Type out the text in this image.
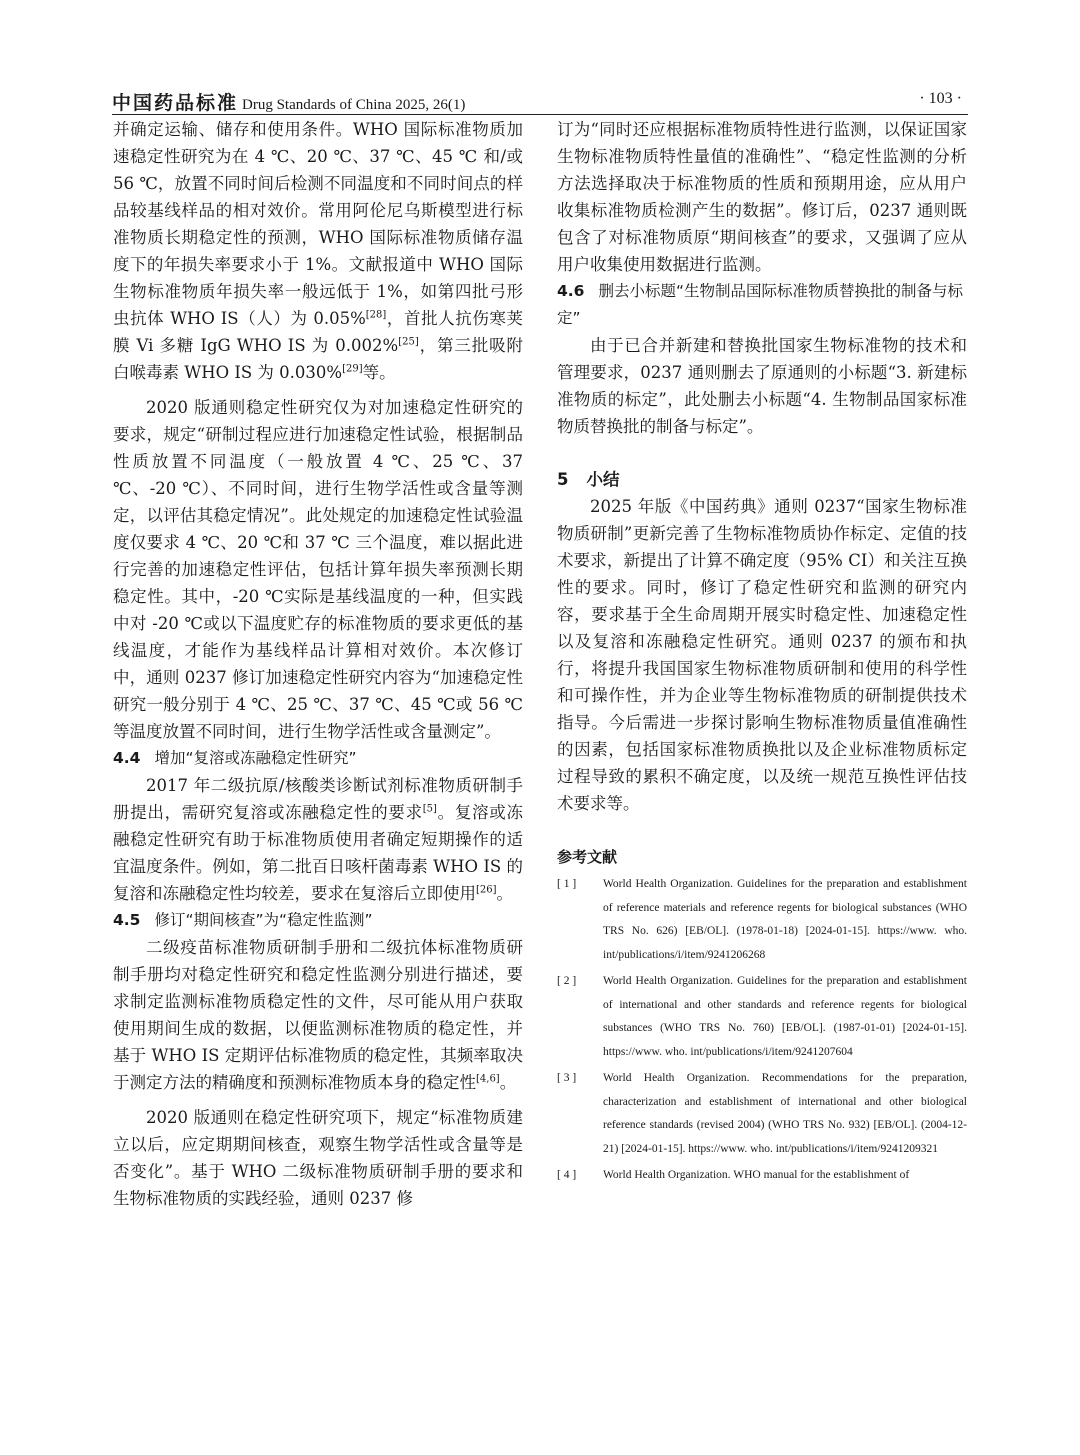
中国药品标准 Drug Standards of China 2025, 26(1)	· 103 ·

并确定运输、储存和使用条件。WHO 国际标准物质加速稳定性研究为在 4 ℃、20 ℃、37 ℃、45 ℃ 和/或 56 ℃，放置不同时间后检测不同温度和不同时间点的样品较基线样品的相对效价。常用阿伦尼乌斯模型进行标准物质长期稳定性的预测，WHO 国际标准物质储存温度下的年损失率要求小于 1%。文献报道中 WHO 国际生物标准物质年损失率一般远低于 1%，如第四批弓形虫抗体 WHO IS（人）为 0.05%[28]，首批人抗伤寒荚膜 Vi 多糖 IgG WHO IS 为 0.002%[25]，第三批吸附白喉毒素 WHO IS 为 0.030%[29]等。

2020 版通则稳定性研究仅为对加速稳定性研究的要求，规定“研制过程应进行加速稳定性试验，根据制品性质放置不同温度（一般放置 4 ℃、25 ℃、37 ℃、-20 ℃）、不同时间，进行生物学活性或含量等测定，以评估其稳定情况”。此处规定的加速稳定性试验温度仅要求 4 ℃、20 ℃和 37 ℃ 三个温度，难以据此进行完善的加速稳定性评估，包括计算年损失率预测长期稳定性。其中，-20 ℃实际是基线温度的一种，但实践中对 -20 ℃或以下温度贮存的标准物质的要求更低的基线温度，才能作为基线样品计算相对效价。本次修订中，通则 0237 修订加速稳定性研究内容为“加速稳定性研究一般分别于 4 ℃、25 ℃、37 ℃、45 ℃或 56 ℃等温度放置不同时间，进行生物学活性或含量测定”。

4.4 增加“复溶或冻融稳定性研究”

2017 年二级抗原/核酸类诊断试剂标准物质研制手册提出，需研究复溶或冻融稳定性的要求[5]。复溶或冻融稳定性研究有助于标准物质使用者确定短期操作的适宜温度条件。例如，第二批百日咳杆菌毒素 WHO IS 的复溶和冻融稳定性均较差，要求在复溶后立即使用[26]。

4.5 修订“期间核查”为“稳定性监测”

二级疫苗标准物质研制手册和二级抗体标准物质研制手册均对稳定性研究和稳定性监测分别进行描述，要求制定监测标准物质稳定性的文件，尽可能从用户获取使用期间生成的数据，以便监测标准物质的稳定性，并基于 WHO IS 定期评估标准物质的稳定性，其频率取决于测定方法的精确度和预测标准物质本身的稳定性[4,6]。

2020 版通则在稳定性研究项下，规定“标准物质建立以后，应定期期间核查，观察生物学活性或含量等是否变化”。基于 WHO 二级标准物质研制手册的要求和生物标准物质的实践经验，通则 0237 修

订为“同时还应根据标准物质特性进行监测，以保证国家生物标准物质特性量值的准确性”、“稳定性监测的分析方法选择取决于标准物质的性质和预期用途，应从用户收集标准物质检测产生的数据”。修订后，0237 通则既包含了对标准物质原“期间核查”的要求，又强调了应从用户收集使用数据进行监测。

4.6 删去小标题“生物制品国际标准物质替换批的制备与标定”

由于已合并新建和替换批国家生物标准物的技术和管理要求，0237 通则删去了原通则的小标题“3. 新建标准物质的标定”，此处删去小标题“4. 生物制品国家标准物质替换批的制备与标定”。

5 小结

2025 年版《中国药典》通则 0237“国家生物标准物质研制”更新完善了生物标准物质协作标定、定值的技术要求，新提出了计算不确定度（95% CI）和关注互换性的要求。同时，修订了稳定性研究和监测的研究内容，要求基于全生命周期开展实时稳定性、加速稳定性以及复溶和冻融稳定性研究。通则 0237 的颁布和执行，将提升我国国家生物标准物质研制和使用的科学性和可操作性，并为企业等生物标准物质的研制提供技术指导。今后需进一步探讨影响生物标准物质量值准确性的因素，包括国家标准物质换批以及企业标准物质标定过程导致的累积不确定度，以及统一规范互换性评估技术要求等。

参考文献
[ 1 ]	World Health Organization. Guidelines for the preparation and establishment of reference materials and reference regents for biological substances (WHO TRS No. 626) [EB/OL]. (1978-01-18) [2024-01-15]. https://www. who. int/publications/i/item/9241206268
[ 2 ]	World Health Organization. Guidelines for the preparation and establishment of international and other standards and reference regents for biological substances (WHO TRS No. 760) [EB/OL]. (1987-01-01) [2024-01-15]. https://www. who. int/publications/i/item/9241207604
[ 3 ]	World Health Organization. Recommendations for the preparation, characterization and establishment of international and other biological reference standards (revised 2004) (WHO TRS No. 932) [EB/OL]. (2004-12-21) [2024-01-15]. https://www. who. int/publications/i/item/9241209321
[ 4 ]	World Health Organization. WHO manual for the establishment of
